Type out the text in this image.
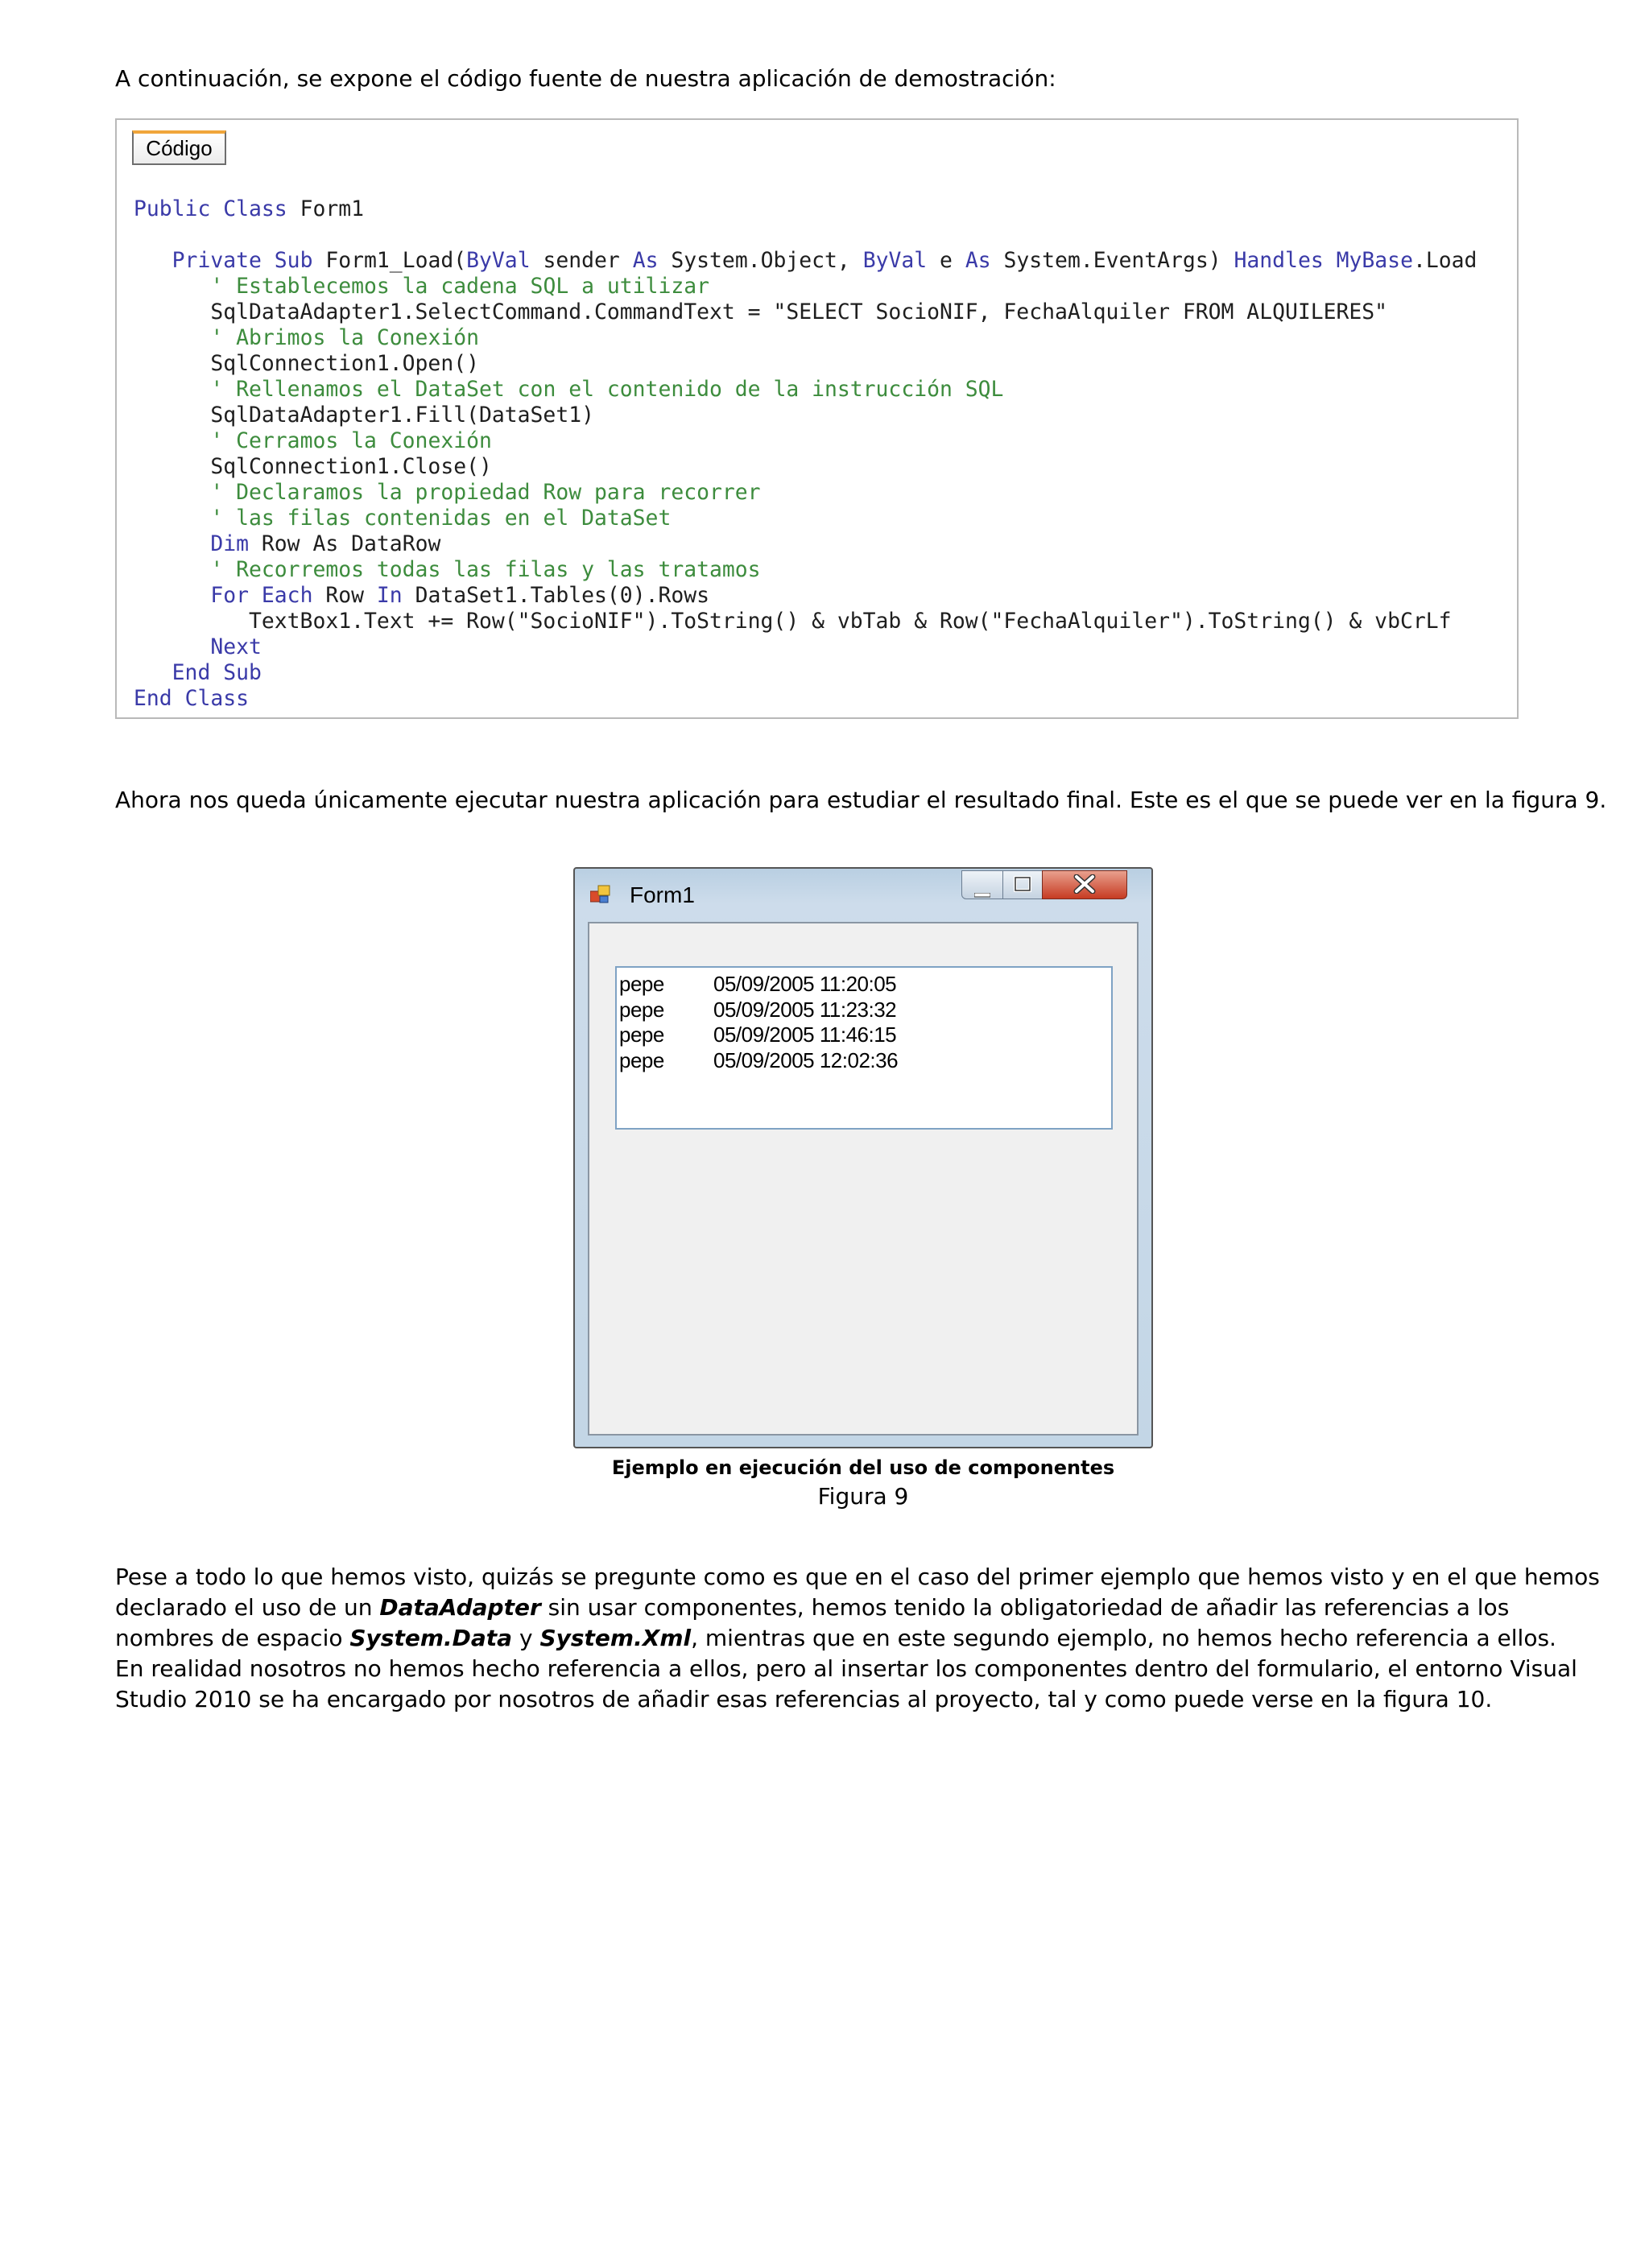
A continuación, se expone el código fuente de nuestra aplicación de demostración:

Código
Public Class Form1
Private Sub Form1_Load(ByVal sender As System.Object, ByVal e As System.EventArgs) Handles MyBase.Load
' Establecemos la cadena SQL a utilizar
SqlDataAdapter1.SelectCommand.CommandText = "SELECT SocioNIF, FechaAlquiler FROM ALQUILERES"
' Abrimos la Conexión
SqlConnection1.Open()
' Rellenamos el DataSet con el contenido de la instrucción SQL
SqlDataAdapter1.Fill(DataSet1)
' Cerramos la Conexión
SqlConnection1.Close()
' Declaramos la propiedad Row para recorrer
' las filas contenidas en el DataSet
Dim Row As DataRow
' Recorremos todas las filas y las tratamos
For Each Row In DataSet1.Tables(0).Rows
TextBox1.Text += Row("SocioNIF").ToString() & vbTab & Row("FechaAlquiler").ToString() & vbCrLf
Next
End Sub
End Class

Ahora nos queda únicamente ejecutar nuestra aplicación para estudiar el resultado final. Este es el que se puede ver en la figura 9.

Form1
pepe 05/09/2005 11:20:05
pepe 05/09/2005 11:23:32
pepe 05/09/2005 11:46:15
pepe 05/09/2005 12:02:36
Ejemplo en ejecución del uso de componentes
Figura 9

Pese a todo lo que hemos visto, quizás se pregunte como es que en el caso del primer ejemplo que hemos visto y en el que hemos declarado el uso de un DataAdapter sin usar componentes, hemos tenido la obligatoriedad de añadir las referencias a los nombres de espacio System.Data y System.Xml, mientras que en este segundo ejemplo, no hemos hecho referencia a ellos.
En realidad nosotros no hemos hecho referencia a ellos, pero al insertar los componentes dentro del formulario, el entorno Visual Studio 2010 se ha encargado por nosotros de añadir esas referencias al proyecto, tal y como puede verse en la figura 10.
